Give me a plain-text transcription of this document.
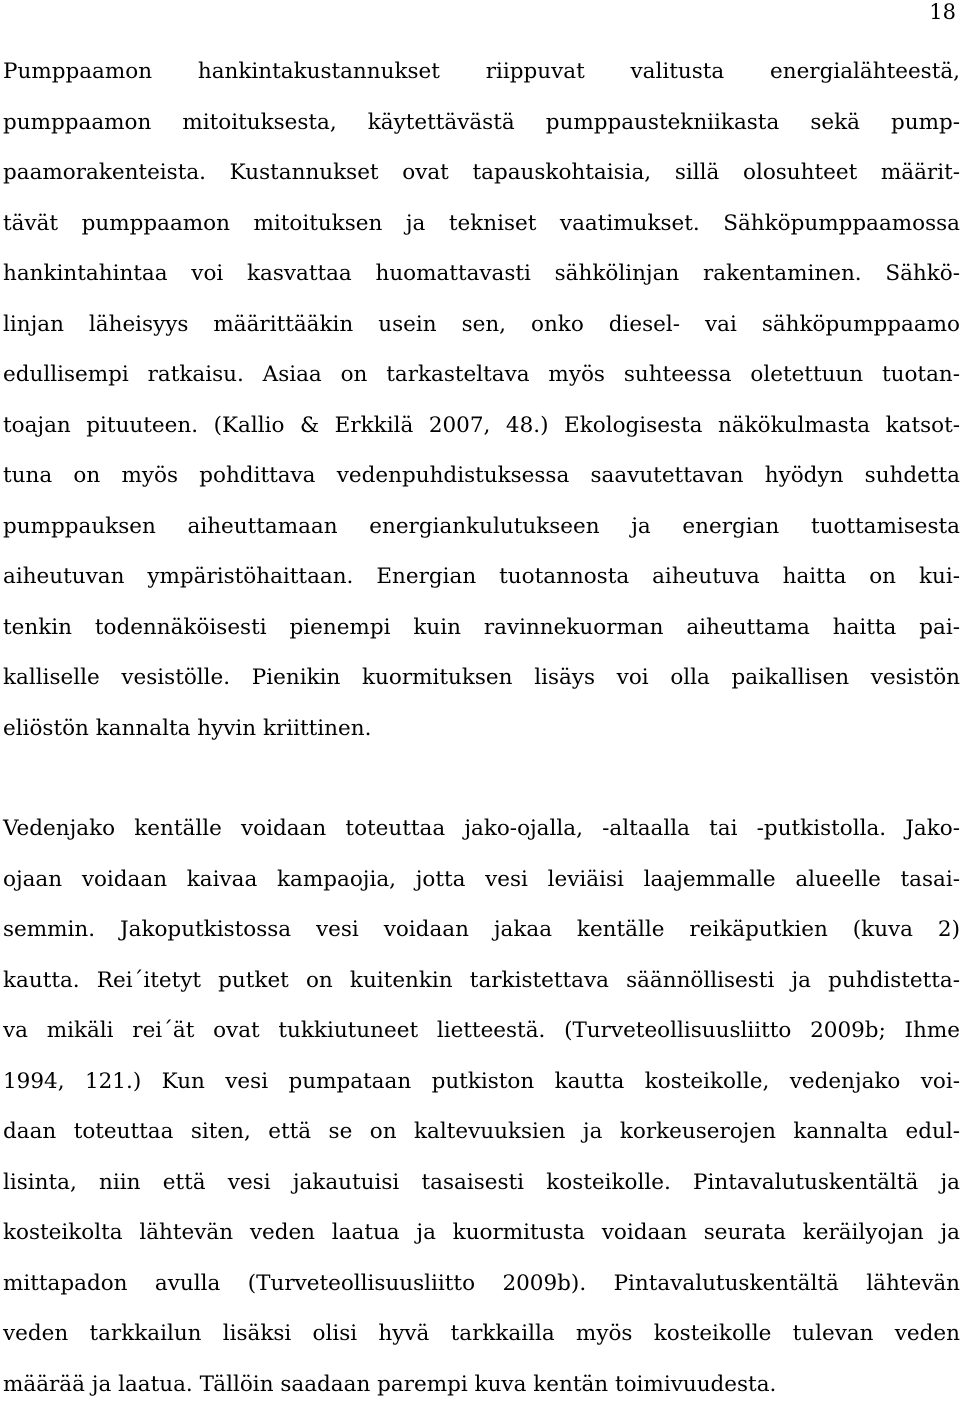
18
Pumppaamon hankintakustannukset riippuvat valitusta energialähteestä,
pumppaamon mitoituksesta, käytettävästä pumppaustekniikasta sekä pump-
paamorakenteista. Kustannukset ovat tapauskohtaisia, sillä olosuhteet määrit-
tävät pumppaamon mitoituksen ja tekniset vaatimukset. Sähköpumppaamossa
hankintahintaa voi kasvattaa huomattavasti sähkölinjan rakentaminen. Sähkö-
linjan läheisyys määrittääkin usein sen, onko diesel- vai sähköpumppaamo
edullisempi ratkaisu. Asiaa on tarkasteltava myös suhteessa oletettuun tuotan-
toajan pituuteen. (Kallio & Erkkilä 2007, 48.) Ekologisesta näkökulmasta katsot-
tuna on myös pohdittava vedenpuhdistuksessa saavutettavan hyödyn suhdetta
pumppauksen aiheuttamaan energiankulutukseen ja energian tuottamisesta
aiheutuvan ympäristöhaittaan. Energian tuotannosta aiheutuva haitta on kui-
tenkin todennäköisesti pienempi kuin ravinnekuorman aiheuttama haitta pai-
kalliselle vesistölle. Pienikin kuormituksen lisäys voi olla paikallisen vesistön
eliöstön kannalta hyvin kriittinen.
Vedenjako kentälle voidaan toteuttaa jako-ojalla, -altaalla tai -putkistolla. Jako-
ojaan voidaan kaivaa kampaojia, jotta vesi leviäisi laajemmalle alueelle tasai-
semmin. Jakoputkistossa vesi voidaan jakaa kentälle reikäputkien (kuva 2)
kautta. Rei´itetyt putket on kuitenkin tarkistettava säännöllisesti ja puhdistetta-
va mikäli rei´ät ovat tukkiutuneet lietteestä. (Turveteollisuusliitto 2009b; Ihme
1994, 121.) Kun vesi pumpataan putkiston kautta kosteikolle, vedenjako voi-
daan toteuttaa siten, että se on kaltevuuksien ja korkeuserojen kannalta edul-
lisinta, niin että vesi jakautuisi tasaisesti kosteikolle. Pintavalutuskentältä ja
kosteikolta lähtevän veden laatua ja kuormitusta voidaan seurata keräilyojan ja
mittapadon avulla (Turveteollisuusliitto 2009b). Pintavalutuskentältä lähtevän
veden tarkkailun lisäksi olisi hyvä tarkkailla myös kosteikolle tulevan veden
määrää ja laatua. Tällöin saadaan parempi kuva kentän toimivuudesta.
